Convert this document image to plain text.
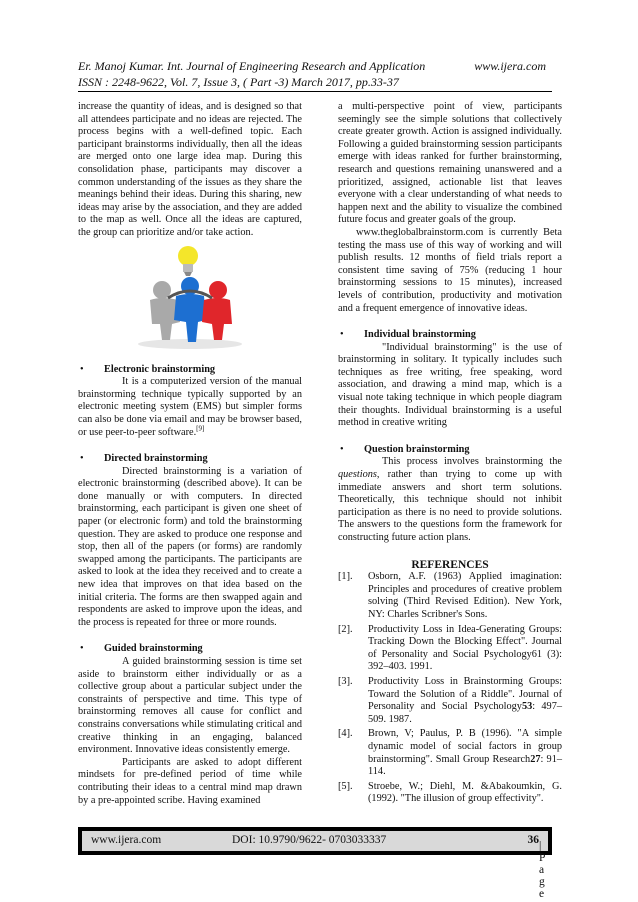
Er. Manoj Kumar. Int. Journal of Engineering Research and Application	www.ijera.com
ISSN : 2248-9622, Vol. 7, Issue 3, ( Part -3) March 2017, pp.33-37

increase the quantity of ideas, and is designed so that all attendees participate and no ideas are rejected. The process begins with a well-defined topic. Each participant brainstorms individually, then all the ideas are merged onto one large idea map. During this consolidation phase, participants may discover a common understanding of the issues as they share the meanings behind their ideas. During this sharing, new ideas may arise by the association, and they are added to the map as well. Once all the ideas are captured, the group can prioritize and/or take action.

• Electronic brainstorming

It is a computerized version of the manual brainstorming technique typically supported by an electronic meeting system (EMS) but simpler forms can also be done via email and may be browser based, or use peer-to-peer software.[9]

• Directed brainstorming

Directed brainstorming is a variation of electronic brainstorming (described above). It can be done manually or with computers. In directed brainstorming, each participant is given one sheet of paper (or electronic form) and told the brainstorming question. They are asked to produce one response and stop, then all of the papers (or forms) are randomly swapped among the participants. The participants are asked to look at the idea they received and to create a new idea that improves on that idea based on the initial criteria. The forms are then swapped again and respondents are asked to improve upon the ideas, and the process is repeated for three or more rounds.

• Guided brainstorming

A guided brainstorming session is time set aside to brainstorm either individually or as a collective group about a particular subject under the constraints of perspective and time. This type of brainstorming removes all cause for conflict and constrains conversations while stimulating critical and creative thinking in an engaging, balanced environment. Innovative ideas consistently emerge.

Participants are asked to adopt different mindsets for pre-defined period of time while contributing their ideas to a central mind map drawn by a pre-appointed scribe. Having examined

a multi-perspective point of view, participants seemingly see the simple solutions that collectively create greater growth. Action is assigned individually. Following a guided brainstorming session participants emerge with ideas ranked for further brainstorming, research and questions remaining unanswered and a prioritized, assigned, actionable list that leaves everyone with a clear understanding of what needs to happen next and the ability to visualize the combined future focus and greater goals of the group.

www.theglobalbrainstorm.com is currently Beta testing the mass use of this way of working and will publish results. 12 months of field trials report a consistent time saving of 75% (reducing 1 hour brainstorming sessions to 15 minutes), increased levels of contribution, productivity and motivation and a frequent emergence of innovative ideas.

• Individual brainstorming

"Individual brainstorming" is the use of brainstorming in solitary. It typically includes such techniques as free writing, free speaking, word association, and drawing a mind map, which is a visual note taking technique in which people diagram their thoughts. Individual brainstorming is a useful method in creative writing

• Question brainstorming

This process involves brainstorming the questions, rather than trying to come up with immediate answers and short term solutions. Theoretically, this technique should not inhibit participation as there is no need to provide solutions. The answers to the questions form the framework for constructing future action plans.

REFERENCES

[1].	Osborn, A.F. (1963) Applied imagination: Principles and procedures of creative problem solving (Third Revised Edition). New York, NY: Charles Scribner's Sons.
[2].	Productivity Loss in Idea-Generating Groups: Tracking Down the Blocking Effect". Journal of Personality and Social Psychology61 (3): 392–403. 1991.
[3].	Productivity Loss in Brainstorming Groups: Toward the Solution of a Riddle". Journal of Personality and Social Psychology53: 497–509. 1987.
[4].	Brown, V; Paulus, P. B (1996). "A simple dynamic model of social factors in group brainstorming". Small Group Research27: 91–114.
[5].	Stroebe, W.; Diehl, M. &Abakoumkin, G. (1992). "The illusion of group effectivity".
www.ijera.com	DOI: 10.9790/9622- 0703033337	36 | P a g e
